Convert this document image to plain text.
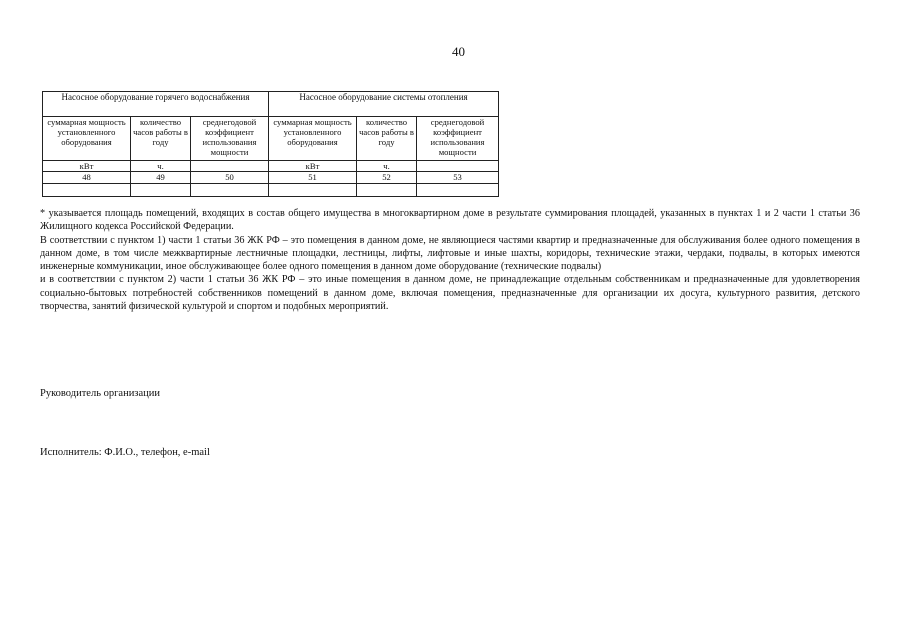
40
Насосное оборудование горячего водоснабжения			Насосное оборудование системы отопления		
суммарная мощность установленного оборудования	количество часов работы в году	среднегодовой коэффициент использования мощности	суммарная мощность установленного оборудования	количество часов работы в году	среднегодовой коэффициент использования мощности
кВт	ч.		кВт	ч.	
48	49	50	51	52	53

* указывается площадь помещений, входящих в состав общего имущества в многоквартирном доме в результате суммирования площадей, указанных в пунктах 1 и 2 части 1 статьи 36 Жилищного кодекса Российской Федерации.

В соответствии с пунктом 1) части 1 статьи 36 ЖК РФ – это помещения в данном доме, не являющиеся частями квартир и предназначенные для обслуживания более одного помещения в данном доме, в том числе межквартирные лестничные площадки, лестницы, лифты, лифтовые и иные шахты, коридоры, технические этажи, чердаки, подвалы, в которых имеются инженерные коммуникации, иное обслуживающее более одного помещения в данном доме оборудование (технические подвалы)

и в соответствии с пунктом 2) части 1 статьи 36 ЖК РФ – это иные помещения в данном доме, не принадлежащие отдельным собственникам и предназначенные для удовлетворения социально-бытовых потребностей собственников помещений в данном доме, включая помещения, предназначенные для организации их досуга, культурного развития, детского творчества, занятий физической культурой и спортом и подобных мероприятий.

Руководитель организации
Исполнитель: Ф.И.О., телефон, e-mail
